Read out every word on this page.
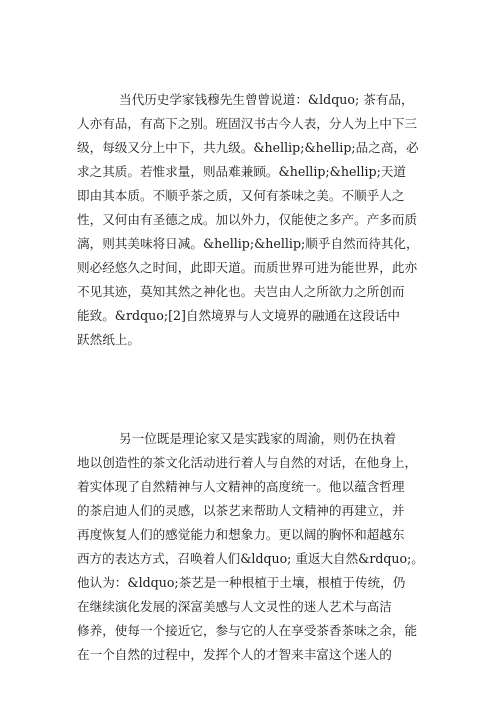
当代历史学家钱穆先生曾曾说道：&ldquo; 茶有品，
人亦有品，有高下之别。班固汉书古今人表，分人为上中下三
级，每级又分上中下，共九级。&hellip;&hellip;品之高，必
求之其质。若惟求量，则品难兼顾。&hellip;&hellip;天道
即由其本质。不顺乎茶之质，又何有茶味之美。不顺乎人之
性，又何由有圣德之成。加以外力，仅能使之多产。产多而质
漓，则其美味将日减。&hellip;&hellip;顺乎自然而待其化，
则必经悠久之时间，此即天道。而质世界可进为能世界，此亦
不见其迹，莫知其然之神化也。夫岂由人之所欲力之所创而
能致。&rdquo;[2]自然境界与人文境界的融通在这段话中
跃然纸上。
另一位既是理论家又是实践家的周渝，则仍在执着
地以创造性的茶文化活动进行着人与自然的对话，在他身上，
着实体现了自然精神与人文精神的高度统一。他以蕴含哲理
的茶启迪人们的灵感，以茶艺来帮助人文精神的再建立，并
再度恢复人们的感觉能力和想象力。更以阔的胸怀和超越东
西方的表达方式，召唤着人们&ldquo; 重返大自然&rdquo;。
他认为：&ldquo;茶艺是一种根植于土壤，根植于传统，仍
在继续演化发展的深富美感与人文灵性的迷人艺术与高洁
修养，使每一个接近它，参与它的人在享受茶香茶味之余，能
在一个自然的过程中，发挥个人的才智来丰富这个迷人的
